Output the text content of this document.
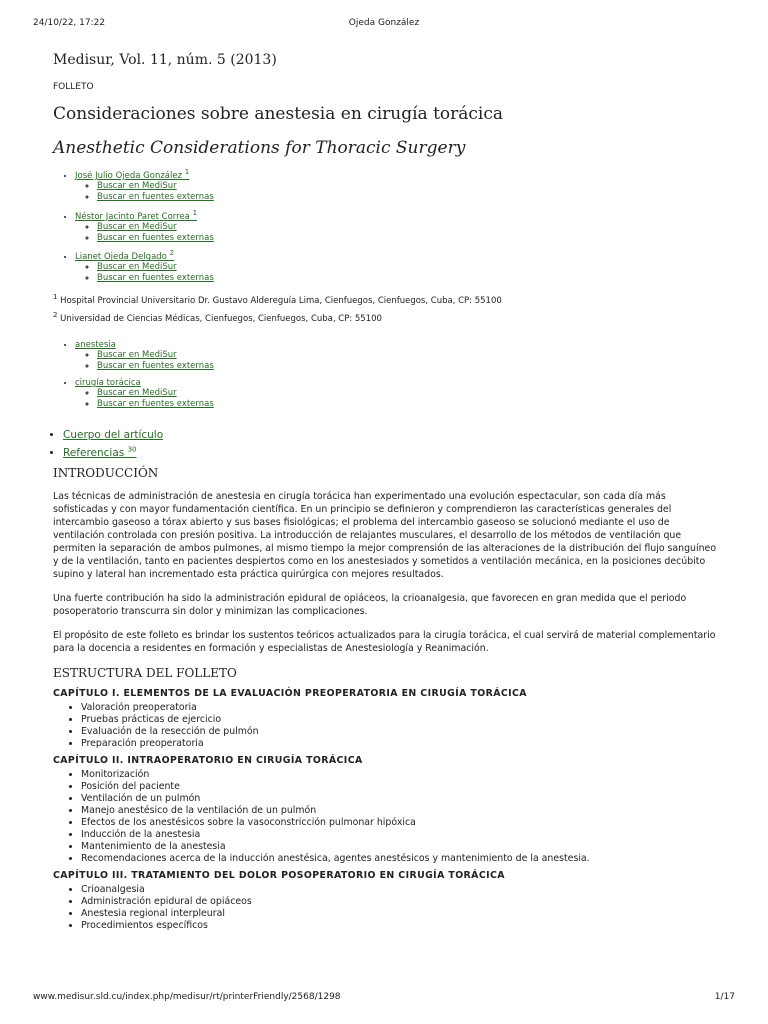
24/10/22, 17:22	Ojeda González
Medisur, Vol. 11, núm. 5 (2013)
FOLLETO
Consideraciones sobre anestesia en cirugía torácica
Anesthetic Considerations for Thoracic Surgery
• José Julio Ojeda González $^1$
◦ Buscar en MediSur
◦ Buscar en fuentes externas
• Néstor Jacinto Paret Correa $^1$
◦ Buscar en MediSur
◦ Buscar en fuentes externas
• Lianet Ojeda Delgado $^2$
◦ Buscar en MediSur
◦ Buscar en fuentes externas
$^1$ Hospital Provincial Universitario Dr. Gustavo Aldereguía Lima, Cienfuegos, Cienfuegos, Cuba, CP: 55100
$^2$ Universidad de Ciencias Médicas, Cienfuegos, Cienfuegos, Cuba, CP: 55100
• anestesia
◦ Buscar en MediSur
◦ Buscar en fuentes externas
• cirugía torácica
◦ Buscar en MediSur
◦ Buscar en fuentes externas
• Cuerpo del artículo
• Referencias $^{30}$
INTRODUCCIÓN

Las técnicas de administración de anestesia en cirugía torácica han experimentado una evolución espectacular, son cada día más sofisticadas y con mayor fundamentación científica. En un principio se definieron y comprendieron las características generales del intercambio gaseoso a tórax abierto y sus bases fisiológicas; el problema del intercambio gaseoso se solucionó mediante el uso de ventilación controlada con presión positiva. La introducción de relajantes musculares, el desarrollo de los métodos de ventilación que permiten la separación de ambos pulmones, al mismo tiempo la mejor comprensión de las alteraciones de la distribución del flujo sanguíneo y de la ventilación, tanto en pacientes despiertos como en los anestesiados y sometidos a ventilación mecánica, en la posiciones decúbito supino y lateral han incrementado esta práctica quirúrgica con mejores resultados.

Una fuerte contribución ha sido la administración epidural de opiáceos, la crioanalgesia, que favorecen en gran medida que el periodo posoperatorio transcurra sin dolor y minimizan las complicaciones.

El propósito de este folleto es brindar los sustentos teóricos actualizados para la cirugía torácica, el cual servirá de material complementario para la docencia a residentes en formación y especialistas de Anestesiología y Reanimación.

ESTRUCTURA DEL FOLLETO
CAPÍTULO I. ELEMENTOS DE LA EVALUACIÓN PREOPERATORIA EN CIRUGÍA TORÁCICA
• Valoración preoperatoria
• Pruebas prácticas de ejercicio
• Evaluación de la resección de pulmón
• Preparación preoperatoria
CAPÍTULO II. INTRAOPERATORIO EN CIRUGÍA TORÁCICA
• Monitorización
• Posición del paciente
• Ventilación de un pulmón
• Manejo anestésico de la ventilación de un pulmón
• Efectos de los anestésicos sobre la vasoconstricción pulmonar hipóxica
• Inducción de la anestesia
• Mantenimiento de la anestesia
• Recomendaciones acerca de la inducción anestésica, agentes anestésicos y mantenimiento de la anestesia.
CAPÍTULO III. TRATAMIENTO DEL DOLOR POSOPERATORIO EN CIRUGÍA TORÁCICA
• Crioanalgesia
• Administración epidural de opiáceos
• Anestesia regional interpleural
• Procedimientos específicos
www.medisur.sld.cu/index.php/medisur/rt/printerFriendly/2568/1298	1/17
